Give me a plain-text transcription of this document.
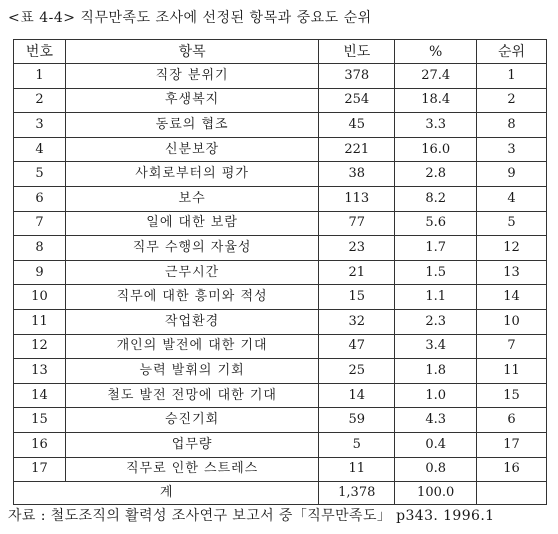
<표 4-4> 직무만족도 조사에 선정된 항목과 중요도 순위
번호	항목	빈도	%	순위
1	직장 분위기	378	27.4	1
2	후생복지	254	18.4	2
3	동료의 협조	45	3.3	8
4	신분보장	221	16.0	3
5	사회로부터의 평가	38	2.8	9
6	보수	113	8.2	4
7	일에 대한 보람	77	5.6	5
8	직무 수행의 자율성	23	1.7	12
9	근무시간	21	1.5	13
10	직무에 대한 흥미와 적성	15	1.1	14
11	작업환경	32	2.3	10
12	개인의 발전에 대한 기대	47	3.4	7
13	능력 발휘의 기회	25	1.8	11
14	철도 발전 전망에 대한 기대	14	1.0	15
15	승진기회	59	4.3	6
16	업무량	5	0.4	17
17	직무로 인한 스트레스	11	0.8	16
계		1,378	100.0	
자료 : 철도조직의 활력성 조사연구 보고서 중「직무만족도」 p343. 1996.1
